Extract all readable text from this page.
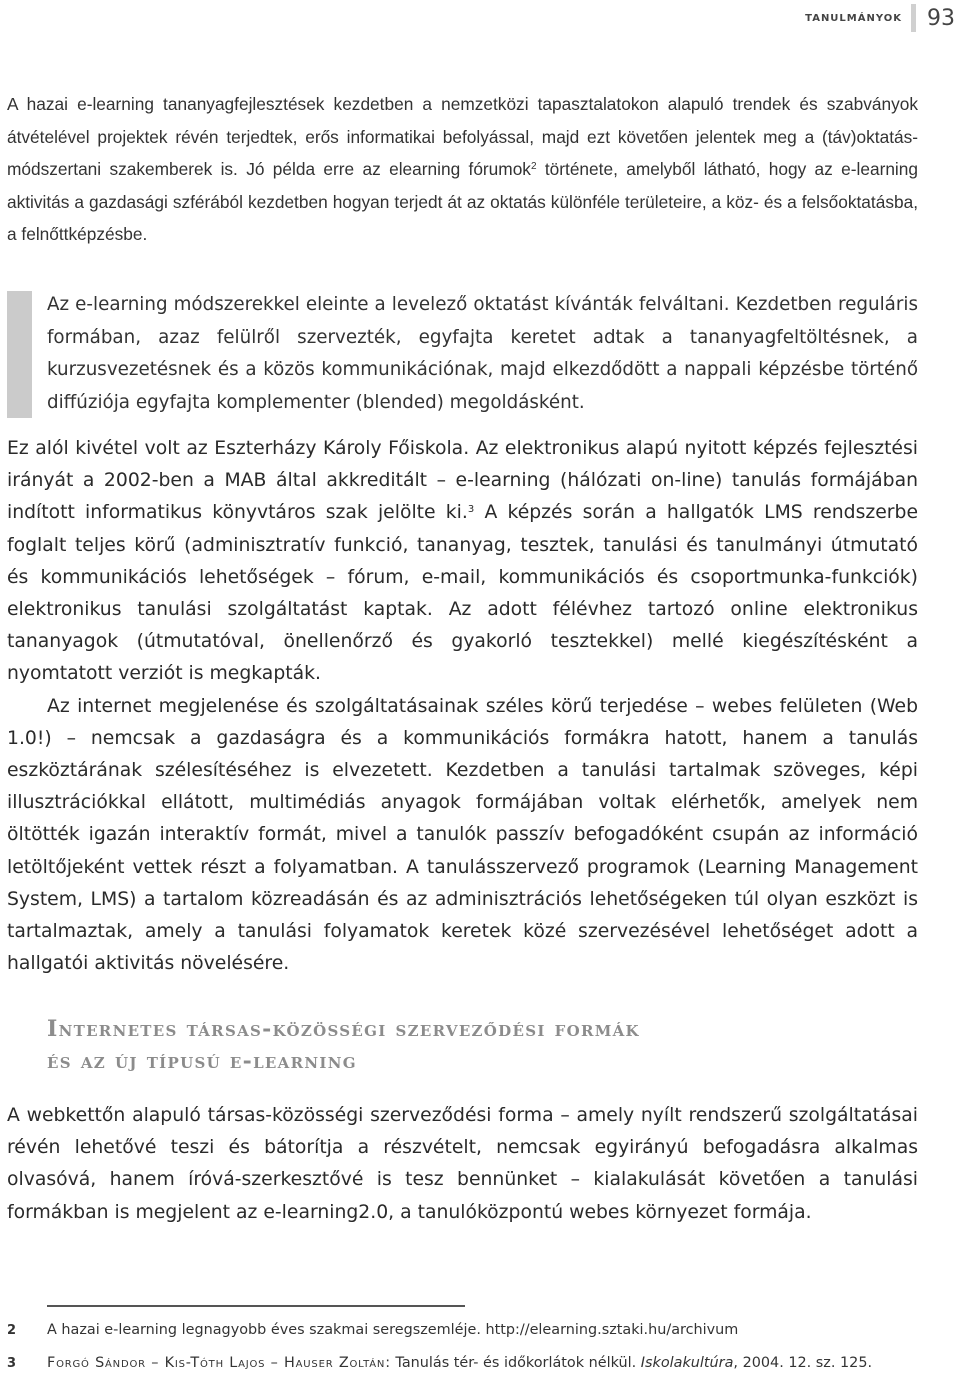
tanulmányok 93

A hazai e-learning tananyagfejlesztések kezdetben a nemzetközi tapasztalatokon alapuló trendek és szabványok átvételével projektek révén terjedtek, erős informatikai befolyással, majd ezt követően jelentek meg a (táv)oktatás-módszertani szakemberek is. Jó példa erre az elearning fórumok$^2$ története, amelyből látható, hogy az e-learning aktivitás a gazdasági szférából kezdetben hogyan terjedt át az oktatás különféle területeire, a köz- és a felsőoktatásba, a felnőttképzésbe.

Az e-learning módszerekkel eleinte a levelező oktatást kívánták felváltani. Kezdetben reguláris formában, azaz felülről szervezték, egyfajta keretet adtak a tananyagfeltöltésnek, a kurzusvezetésnek és a közös kommunikációnak, majd elkezdődött a nappali képzésbe történő diffúziója egyfajta komplementer (blended) megoldásként.

Ez alól kivétel volt az Eszterházy Károly Főiskola. Az elektronikus alapú nyitott képzés fejlesztési irányát a 2002-ben a MAB által akkreditált – e-learning (hálózati on-line) tanulás formájában indított informatikus könyvtáros szak jelölte ki.$^3$ A képzés során a hallgatók LMS rendszerbe foglalt teljes körű (adminisztratív funkció, tananyag, tesztek, tanulási és tanulmányi útmutató és kommunikációs lehetőségek – fórum, e-mail, kommunikációs és csoportmunka-funkciók) elektronikus tanulási szolgáltatást kaptak. Az adott félévhez tartozó online elektronikus tananyagok (útmutatóval, önellenőrző és gyakorló tesztekkel) mellé kiegészítésként a nyomtatott verziót is megkapták.
Az internet megjelenése és szolgáltatásainak széles körű terjedése – webes felületen (Web 1.0!) – nemcsak a gazdaságra és a kommunikációs formákra hatott, hanem a tanulás eszköztárának szélesítéséhez is elvezetett. Kezdetben a tanulási tartalmak szöveges, képi illusztrációkkal ellátott, multimédiás anyagok formájában voltak elérhetők, amelyek nem öltötték igazán interaktív formát, mivel a tanulók passzív befogadóként csupán az információ letöltőjeként vettek részt a folyamatban. A tanulásszervező programok (Learning Management System, LMS) a tartalom közreadásán és az adminisztrációs lehetőségeken túl olyan eszközt is tartalmaztak, amely a tanulási folyamatok keretek közé szervezésével lehetőséget adott a hallgatói aktivitás növelésére.
Internetes társas-közösségi szerveződési formák
és az új típusú e-learning

A webkettőn alapuló társas-közösségi szerveződési forma – amely nyílt rendszerű szolgáltatásai révén lehetővé teszi és bátorítja a részvételt, nemcsak egyirányú befogadásra alkalmas olvasóvá, hanem íróvá-szerkesztővé is tesz bennünket – kialakulását követően a tanulási formákban is megjelent az e-learning2.0, a tanulóközpontú webes környezet formája.

2	A hazai e-learning legnagyobb éves szakmai seregszemléje. http://elearning.sztaki.hu/archivum
3	Forgó Sándor – Kis-Tóth Lajos – Hauser Zoltán: Tanulás tér- és időkorlátok nélkül. Iskolakultúra, 2004. 12. sz. 125.
